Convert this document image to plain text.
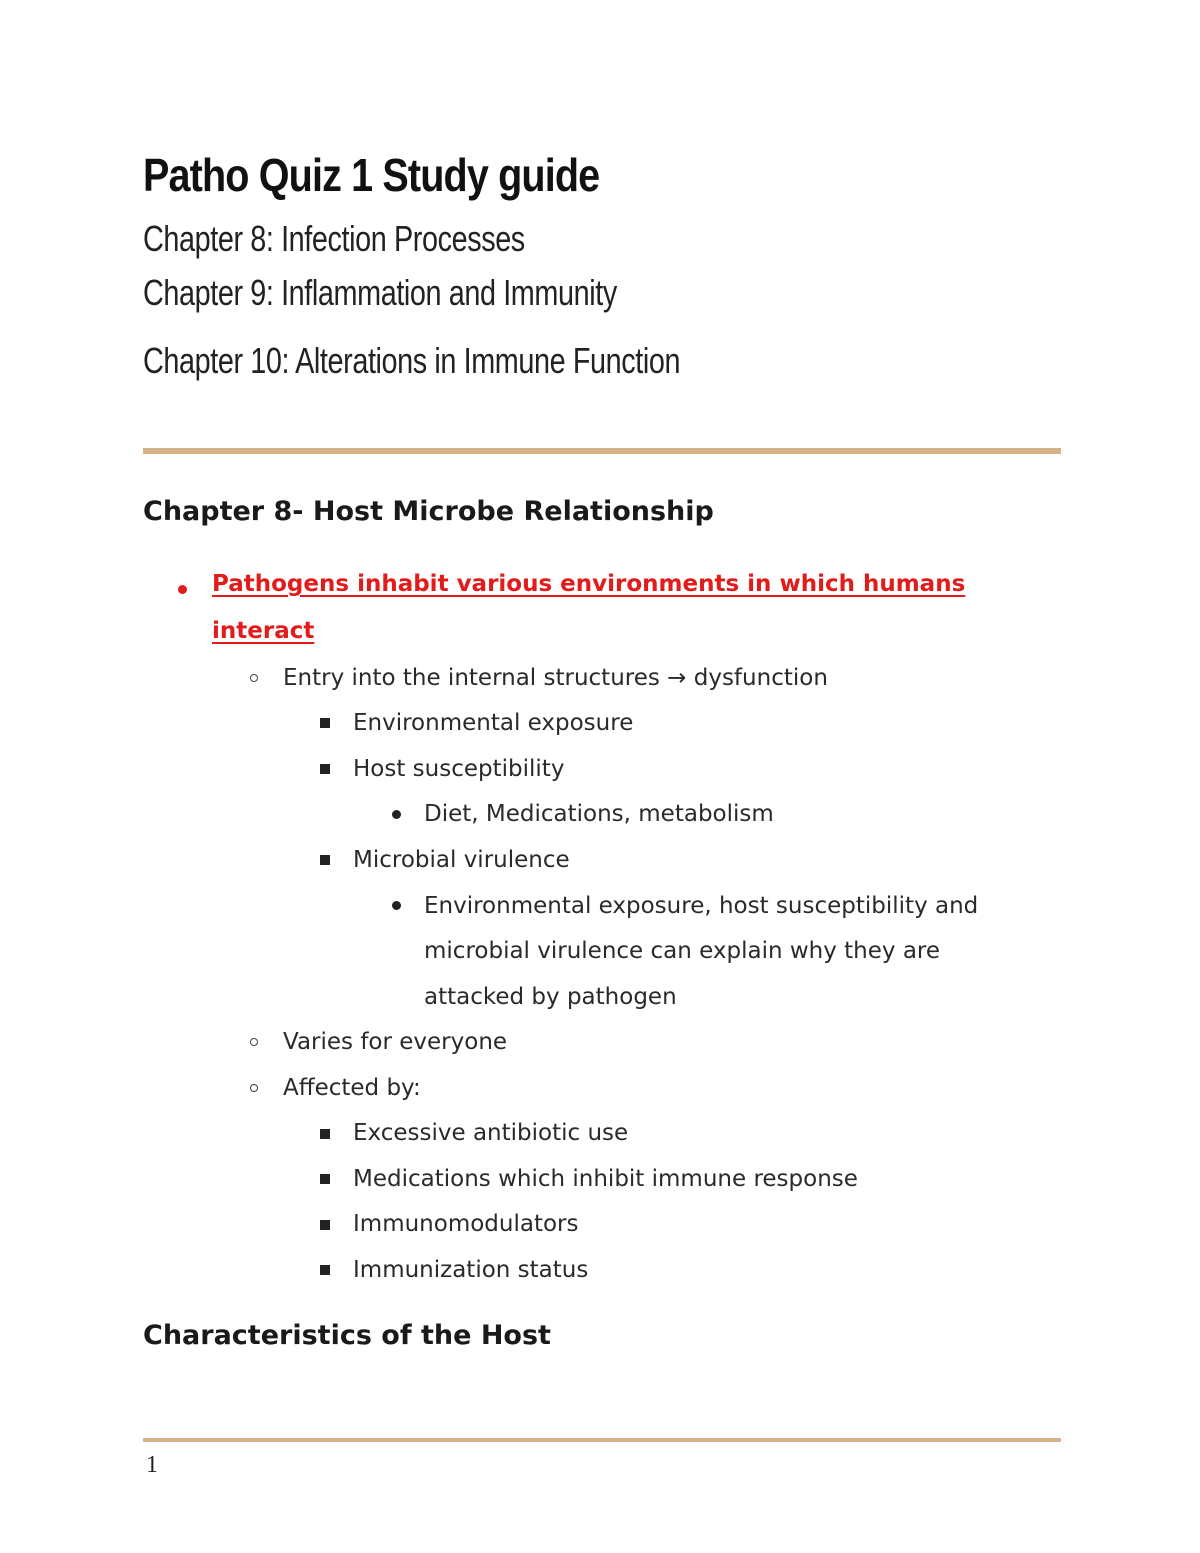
Patho Quiz 1 Study guide
Chapter 8: Infection Processes
Chapter 9: Inflammation and Immunity
Chapter 10: Alterations in Immune Function
Chapter 8- Host Microbe Relationship
Pathogens inhabit various environments in which humans
interact
Entry into the internal structures → dysfunction
Environmental exposure
Host susceptibility
Diet, Medications, metabolism
Microbial virulence
Environmental exposure, host susceptibility and
microbial virulence can explain why they are
attacked by pathogen
Varies for everyone
Affected by:
Excessive antibiotic use
Medications which inhibit immune response
Immunomodulators
Immunization status
Characteristics of the Host
1
